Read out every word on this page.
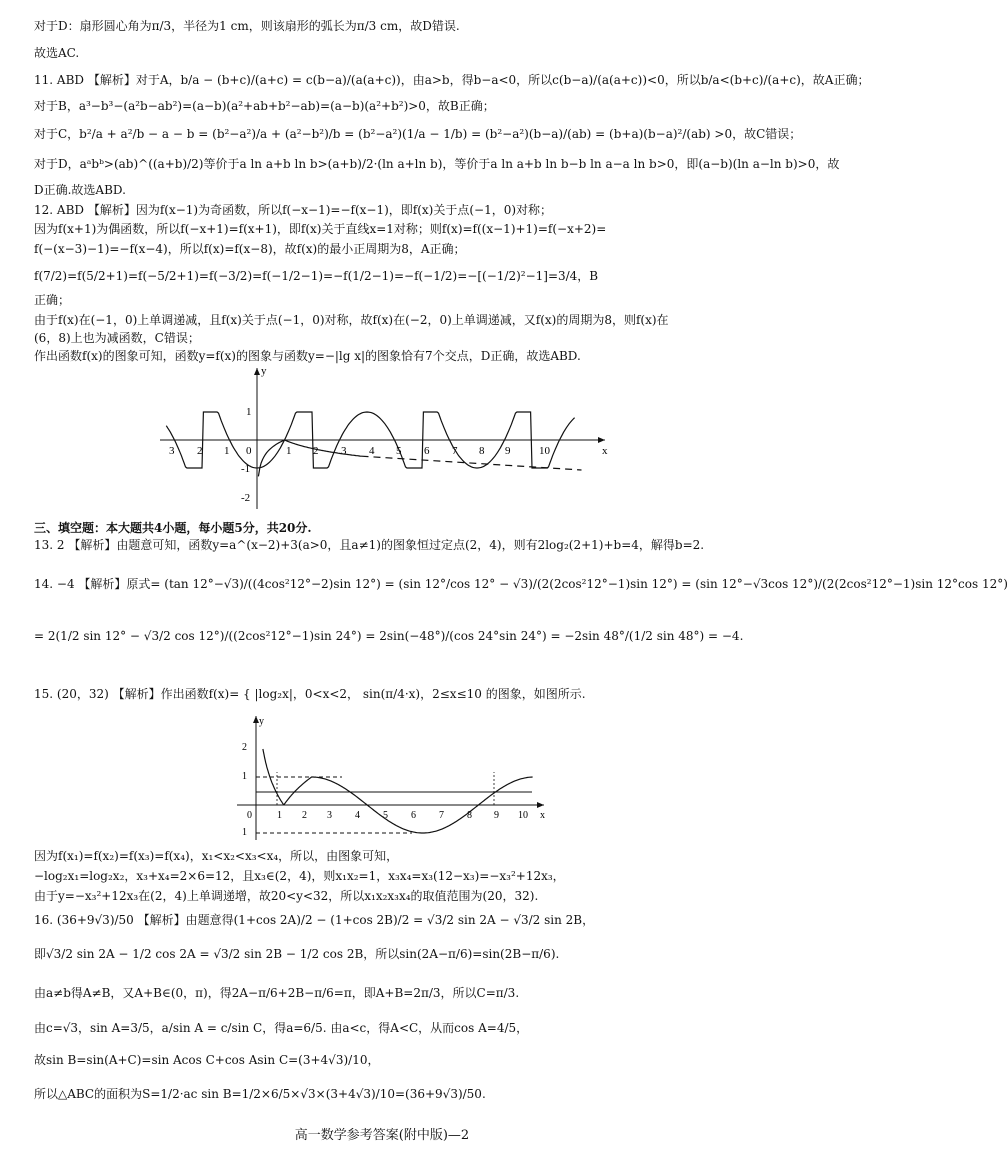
对于D：扇形圆心角为π/3，半径为1 cm，则该扇形的弧长为π/3 cm，故D错误.
故选AC.
11. ABD 【解析】对于A，b/a − (b+c)/(a+c) = c(b−a)/(a(a+c))，由a>b，得b−a<0，所以c(b−a)/(a(a+c))<0，所以b/a<(b+c)/(a+c)，故A正确；
对于B，a³−b³−(a²b−ab²)=(a−b)(a²+ab+b²−ab)=(a−b)(a²+b²)>0，故B正确；
对于C，b²/a + a²/b − a − b = (b²−a²)/a + (a²−b²)/b = (b²−a²)(1/a − 1/b) = (b²−a²)(b−a)/(ab) = (b+a)(b−a)²/(ab) >0，故C错误；
对于D，aᵃbᵇ>(ab)^((a+b)/2)等价于a ln a+b ln b>(a+b)/2·(ln a+ln b)，等价于a ln a+b ln b−b ln a−a ln b>0，即(a−b)(ln a−ln b)>0，故
D正确.故选ABD.
12. ABD 【解析】因为f(x−1)为奇函数，所以f(−x−1)=−f(x−1)，即f(x)关于点(−1，0)对称；
因为f(x+1)为偶函数，所以f(−x+1)=f(x+1)，即f(x)关于直线x=1对称；则f(x)=f((x−1)+1)=f(−x+2)=
f(−(x−3)−1)=−f(x−4)，所以f(x)=f(x−8)，故f(x)的最小正周期为8，A正确；
f(7/2)=f(5/2+1)=f(−5/2+1)=f(−3/2)=f(−1/2−1)=−f(1/2−1)=−f(−1/2)=−[(−1/2)²−1]=3/4，B
正确；
由于f(x)在(−1，0)上单调递减，且f(x)关于点(−1，0)对称，故f(x)在(−2，0)上单调递减，又f(x)的周期为8，则f(x)在
(6，8)上也为减函数，C错误；
作出函数f(x)的图象可知，函数y=f(x)的图象与函数y=−|lg x|的图象恰有7个交点，D正确，故选ABD.
x
y
3 2 1 0	1 2 3 4 5 6 7 8 9	10
1
-1
-2
三、填空题：本大题共4小题，每小题5分，共20分.
13. 2 【解析】由题意可知，函数y=a^(x−2)+3(a>0，且a≠1)的图象恒过定点(2，4)，则有2log₂(2+1)+b=4，解得b=2.
14. −4 【解析】原式= (tan 12°−√3)/((4cos²12°−2)sin 12°) = (sin 12°/cos 12° − √3)/(2(2cos²12°−1)sin 12°) = (sin 12°−√3cos 12°)/(2(2cos²12°−1)sin 12°cos 12°)
= 2(1/2 sin 12° − √3/2 cos 12°)/((2cos²12°−1)sin 24°) = 2sin(−48°)/(cos 24°sin 24°) = −2sin 48°/(1/2 sin 48°) = −4.
15. (20，32) 【解析】作出函数f(x)= { |log₂x|，0<x<2， sin(π/4·x)，2≤x≤10 的图象，如图所示.
x
y
2
1
1
0	1 2 3 4 5 6 7 8 9 10
因为f(x₁)=f(x₂)=f(x₃)=f(x₄)，x₁<x₂<x₃<x₄，所以，由图象可知，
−log₂x₁=log₂x₂，x₃+x₄=2×6=12，且x₃∈(2，4)，则x₁x₂=1，x₃x₄=x₃(12−x₃)=−x₃²+12x₃，
由于y=−x₃²+12x₃在(2，4)上单调递增，故20<y<32，所以x₁x₂x₃x₄的取值范围为(20，32).
16. (36+9√3)/50 【解析】由题意得(1+cos 2A)/2 − (1+cos 2B)/2 = √3/2 sin 2A − √3/2 sin 2B，
即√3/2 sin 2A − 1/2 cos 2A = √3/2 sin 2B − 1/2 cos 2B，所以sin(2A−π/6)=sin(2B−π/6).
由a≠b得A≠B，又A+B∈(0，π)，得2A−π/6+2B−π/6=π，即A+B=2π/3，所以C=π/3.
由c=√3，sin A=3/5，a/sin A = c/sin C，得a=6/5. 由a<c，得A<C，从而cos A=4/5，
故sin B=sin(A+C)=sin Acos C+cos Asin C=(3+4√3)/10，
所以△ABC的面积为S=1/2·ac sin B=1/2×6/5×√3×(3+4√3)/10=(36+9√3)/50.
高一数学参考答案(附中版)—2
